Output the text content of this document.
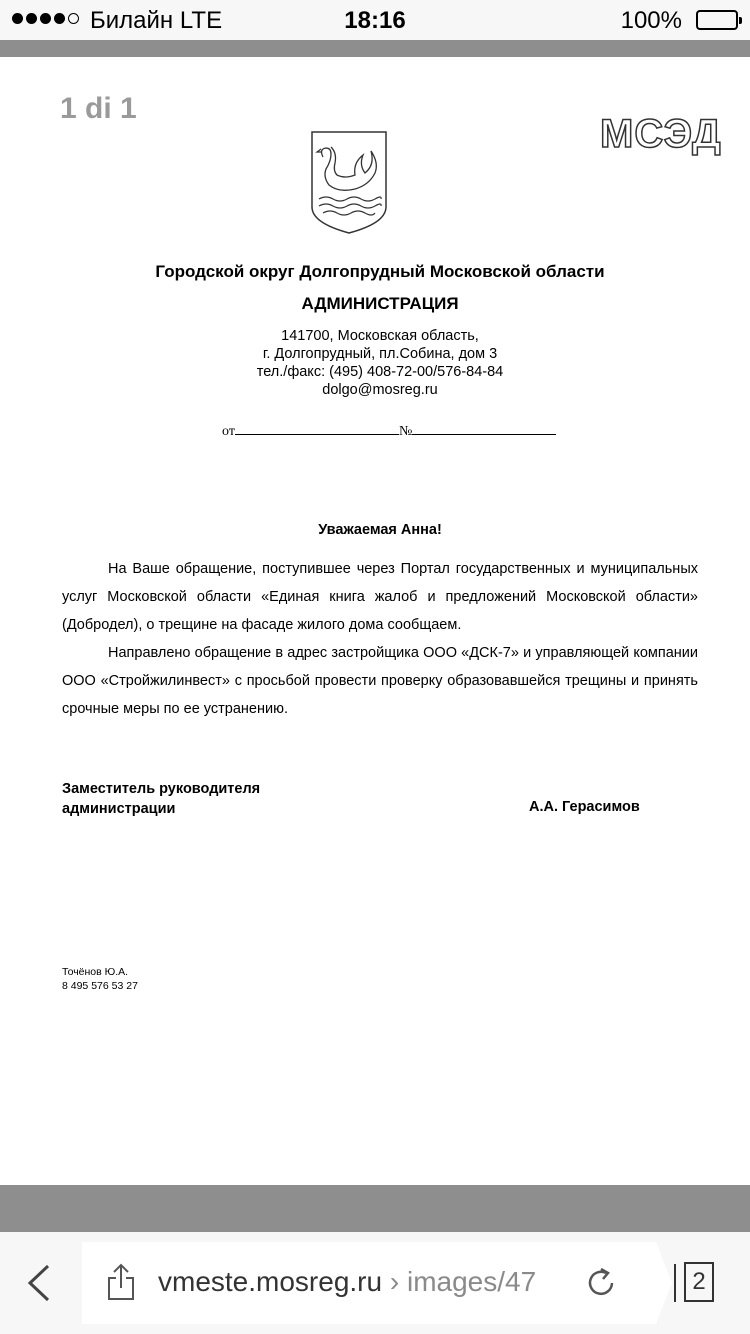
Билайн LTE	18:16	100%
1 di 1
МСЭД
Городской округ Долгопрудный Московской области
АДМИНИСТРАЦИЯ
141700, Московская область,
г. Долгопрудный, пл.Собина, дом 3
тел./факс: (495) 408-72-00/576-84-84
dolgo@mosreg.ru
от	№
Уважаемая Анна!

На Ваше обращение, поступившее через Портал государственных и муниципальных услуг Московской области «Единая книга жалоб и предложений Московской области» (Добродел), о трещине на фасаде жилого дома сообщаем.

Направлено обращение в адрес застройщика ООО «ДСК-7» и управляющей компании ООО «Стройжилинвест» с просьбой провести проверку образовавшейся трещины и принять срочные меры по ее устранению.

Заместитель руководителя
администрации	А.А. Герасимов
Точёнов Ю.А.
8 495 576 53 27
vmeste.mosreg.ru › images/47	2
